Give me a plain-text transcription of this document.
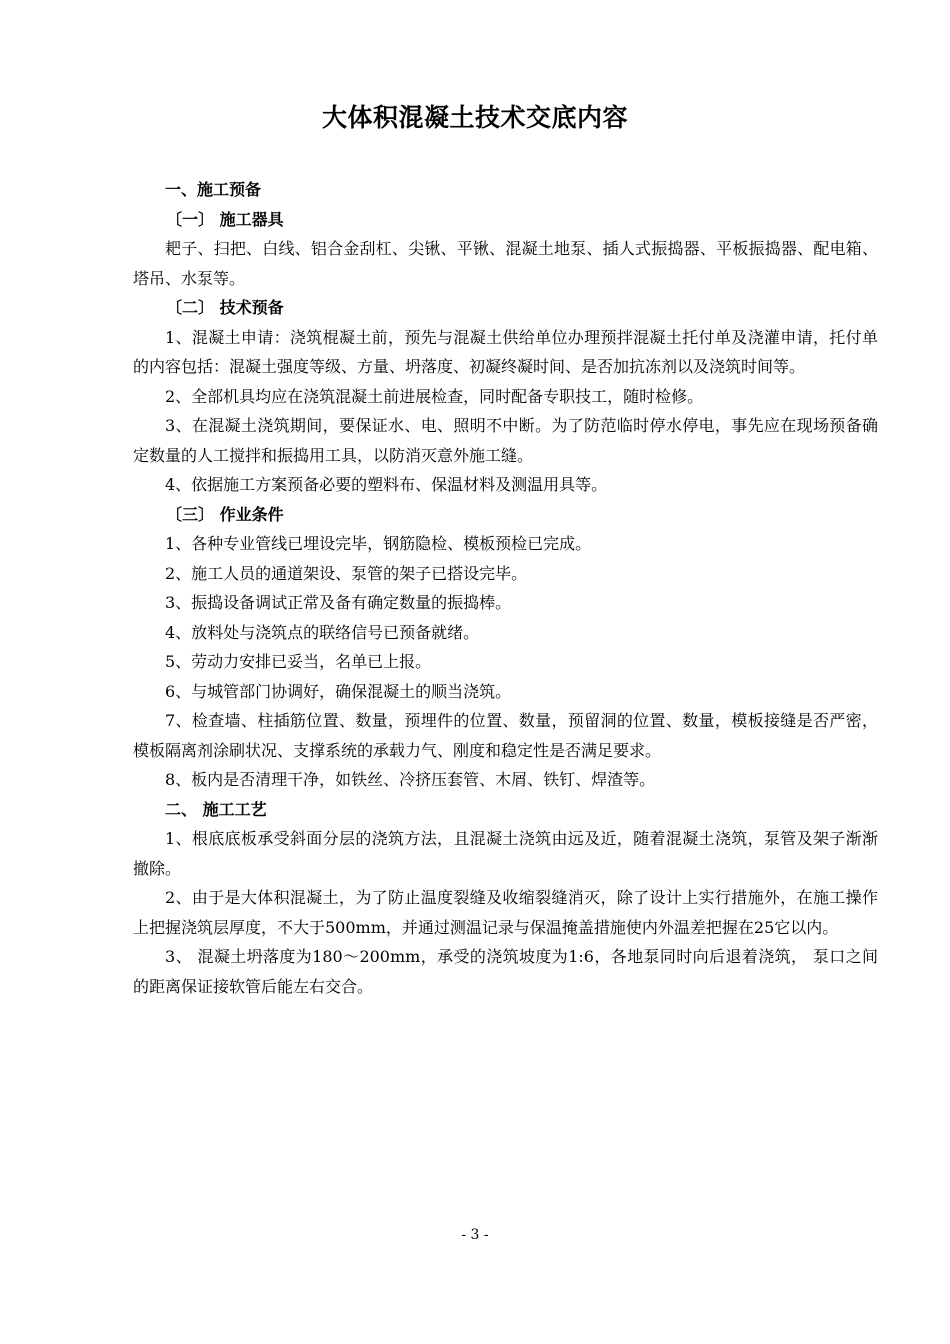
大体积混凝土技术交底内容

一、施工预备

〔一〕 施工器具

耙子、扫把、白线、铝合金刮杠、尖锹、平锹、混凝土地泵、插人式振捣器、平板振捣器、配电箱、塔吊、水泵等。

〔二〕 技术预备

1、混凝土申请：浇筑棍凝土前，预先与混凝土供给单位办理预拌混凝土托付单及浇灌申请，托付单的内容包括：混凝土强度等级、方量、坍落度、初凝终凝时间、是否加抗冻剂以及浇筑时间等。

2、全部机具均应在浇筑混凝土前进展检查，同时配备专职技工，随时检修。

3、在混凝土浇筑期间，要保证水、电、照明不中断。为了防范临时停水停电，事先应在现场预备确定数量的人工搅拌和振捣用工具，以防消灭意外施工缝。

4、依据施工方案预备必要的塑料布、保温材料及测温用具等。

〔三〕 作业条件

1、各种专业管线已埋设完毕，钢筋隐检、模板预检已完成。

2、施工人员的通道架设、泵管的架子已搭设完毕。

3、振捣设备调试正常及备有确定数量的振捣棒。

4、放料处与浇筑点的联络信号已预备就绪。

5、劳动力安排已妥当，名单已上报。

6、与城管部门协调好，确保混凝土的顺当浇筑。

7、检查墙、柱插筋位置、数量，预埋件的位置、数量，预留洞的位置、数量，模板接缝是否严密，模板隔离剂涂刷状况、支撑系统的承载力气、刚度和稳定性是否满足要求。

8、板内是否清理干净，如铁丝、冷挤压套管、木屑、铁钉、焊渣等。

二、 施工工艺

1、根底底板承受斜面分层的浇筑方法，且混凝土浇筑由远及近，随着混凝土浇筑，泵管及架子渐渐撤除。

2、由于是大体积混凝土，为了防止温度裂缝及收缩裂缝消灭，除了设计上实行措施外，在施工操作上把握浇筑层厚度，不大于500mm，并通过测温记录与保温掩盖措施使内外温差把握在25它以内。

3、 混凝土坍落度为180～200mm，承受的浇筑坡度为1:6，各地泵同时向后退着浇筑， 泵口之间的距离保证接软管后能左右交合。

- 3 -
